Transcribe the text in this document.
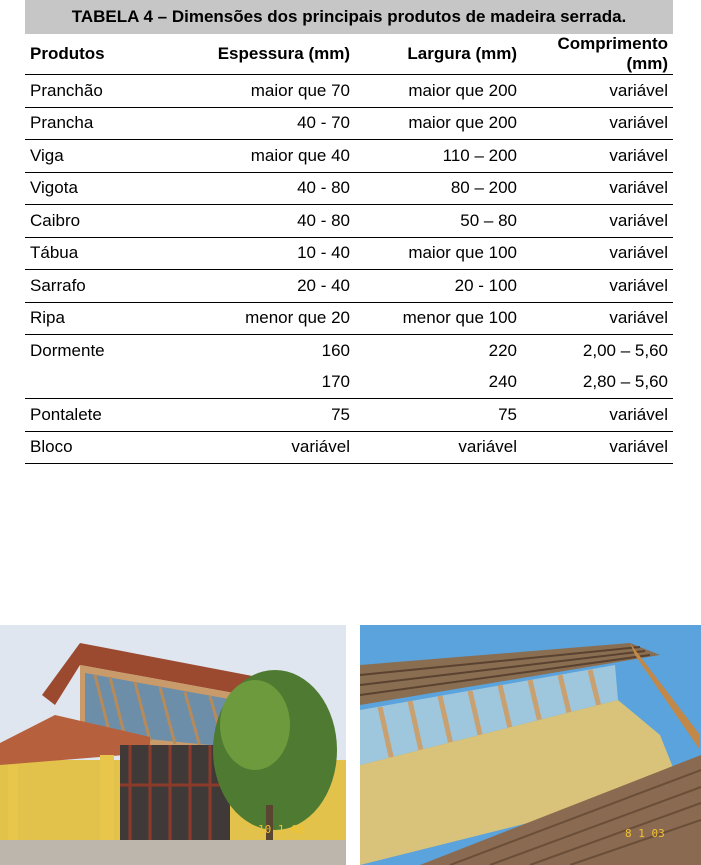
TABELA 4 – Dimensões dos principais produtos de madeira serrada.
Produtos	Espessura (mm)	Largura (mm)	Comprimento (mm)
Pranchão	maior que 70	maior que 200	variável
Prancha	40 - 70	maior que 200	variável
Viga	maior que 40	110 – 200	variável
Vigota	40 - 80	80 – 200	variável
Caibro	40 - 80	50 – 80	variável
Tábua	10 - 40	maior que 100	variável
Sarrafo	20 - 40	20 - 100	variável
Ripa	menor que 20	menor que 100	variável
Dormente	160	220	2,00 – 5,60
	170	240	2,80 – 5,60
Pontalete	75	75	variável
Bloco	variável	variável	variável
10 1 03	8 1 03
